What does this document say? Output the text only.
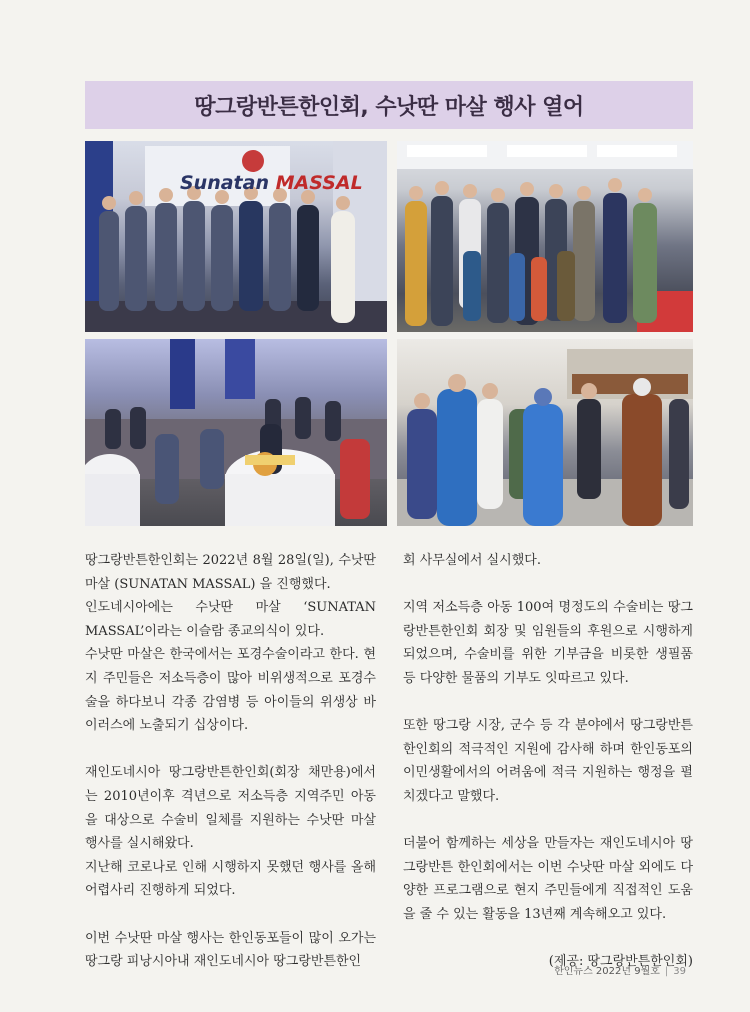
땅그랑반튼한인회, 수낫딴 마살 행사 열어
Sunatan MASSAL

땅그랑반튼한인회는 2022년 8월 28일(일), 수낫딴 마살 (SUNATAN MASSAL) 을 진행했다.

인도네시아에는 수낫딴 마살 ‘SUNATAN MASSAL’이라는 이슬람 종교의식이 있다.

수낫딴 마살은 한국에서는 포경수술이라고 한다. 현지 주민들은 저소득층이 많아 비위생적으로 포경수술을 하다보니 각종 감염병 등 아이들의 위생상 바이러스에 노출되기 십상이다.

재인도네시아 땅그랑반튼한인회(회장 채만용)에서는 2010년이후 격년으로 저소득층 지역주민 아동을 대상으로 수술비 일체를 지원하는 수낫딴 마살 행사를 실시해왔다.

지난해 코로나로 인해 시행하지 못했던 행사를 올해 어렵사리 진행하게 되었다.

이번 수낫딴 마살 행사는 한인동포들이 많이 오가는 땅그랑 피낭시아내 재인도네시아 땅그랑반튼한인

회 사무실에서 실시했다.

지역 저소득층 아동 100여 명정도의 수술비는 땅그랑반튼한인회 회장 및 임원들의 후원으로 시행하게 되었으며, 수술비를 위한 기부금을 비롯한 생필품 등 다양한 물품의 기부도 잇따르고 있다.

또한 땅그랑 시장, 군수 등 각 분야에서 땅그랑반튼한인회의 적극적인 지원에 감사해 하며 한인동포의 이민생활에서의 어려움에 적극 지원하는 행정을 펼치겠다고 말했다.

더불어 함께하는 세상을 만들자는 재인도네시아 땅그랑반튼 한인회에서는 이번 수낫딴 마살 외에도 다양한 프로그램으로 현지 주민들에게 직접적인 도움을 줄 수 있는 활동을 13년째 계속해오고 있다.

(제공: 땅그랑반튼한인회)

한인뉴스 2022년 9월호 | 39
